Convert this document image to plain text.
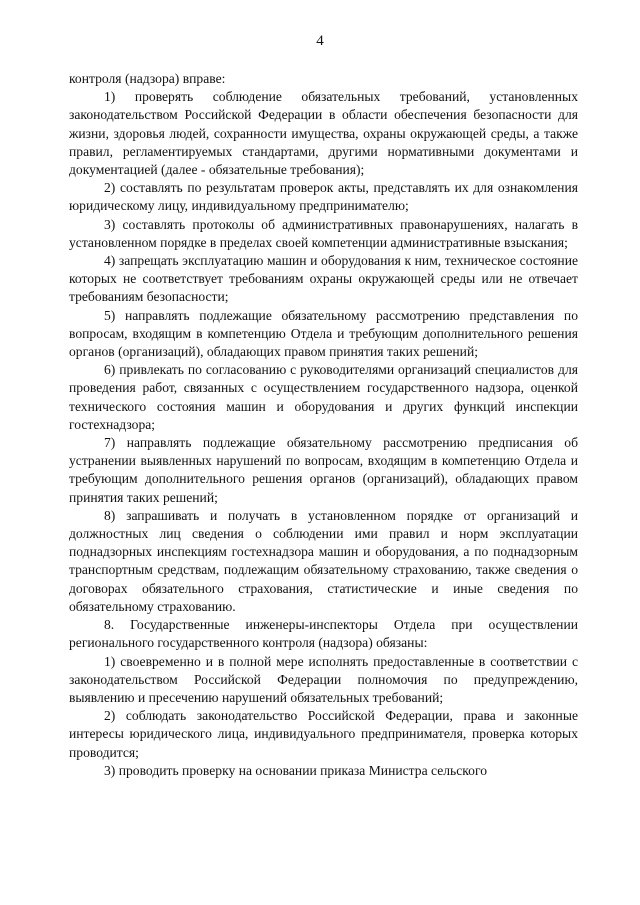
4

контроля (надзора) вправе:

1) проверять соблюдение обязательных требований, установленных законодательством Российской Федерации в области обеспечения безопасности для жизни, здоровья людей, сохранности имущества, охраны окружающей среды, а также правил, регламентируемых стандартами, другими нормативными документами и документацией (далее - обязательные требования);

2) составлять по результатам проверок акты, представлять их для ознакомления юридическому лицу, индивидуальному предпринимателю;

3) составлять протоколы об административных правонарушениях, налагать в установленном порядке в пределах своей компетенции административные взыскания;

4) запрещать эксплуатацию машин и оборудования к ним, техническое состояние которых не соответствует требованиям охраны окружающей среды или не отвечает требованиям безопасности;

5) направлять подлежащие обязательному рассмотрению представления по вопросам, входящим в компетенцию Отдела и требующим дополнительного решения органов (организаций), обладающих правом принятия таких решений;

6) привлекать по согласованию с руководителями организаций специалистов для проведения работ, связанных с осуществлением государственного надзора, оценкой технического состояния машин и оборудования и других функций инспекции гостехнадзора;

7) направлять подлежащие обязательному рассмотрению предписания об устранении выявленных нарушений по вопросам, входящим в компетенцию Отдела и требующим дополнительного решения органов (организаций), обладающих правом принятия таких решений;

8) запрашивать и получать в установленном порядке от организаций и должностных лиц сведения о соблюдении ими правил и норм эксплуатации поднадзорных инспекциям гостехнадзора машин и оборудования, а по поднадзорным транспортным средствам, подлежащим обязательному страхованию, также сведения о договорах обязательного страхования, статистические и иные сведения по обязательному страхованию.

8. Государственные инженеры-инспекторы Отдела при осуществлении регионального государственного контроля (надзора) обязаны:

1) своевременно и в полной мере исполнять предоставленные в соответствии с законодательством Российской Федерации полномочия по предупреждению, выявлению и пресечению нарушений обязательных требований;

2) соблюдать законодательство Российской Федерации, права и законные интересы юридического лица, индивидуального предпринимателя, проверка которых проводится;

3) проводить проверку на основании приказа Министра сельского
